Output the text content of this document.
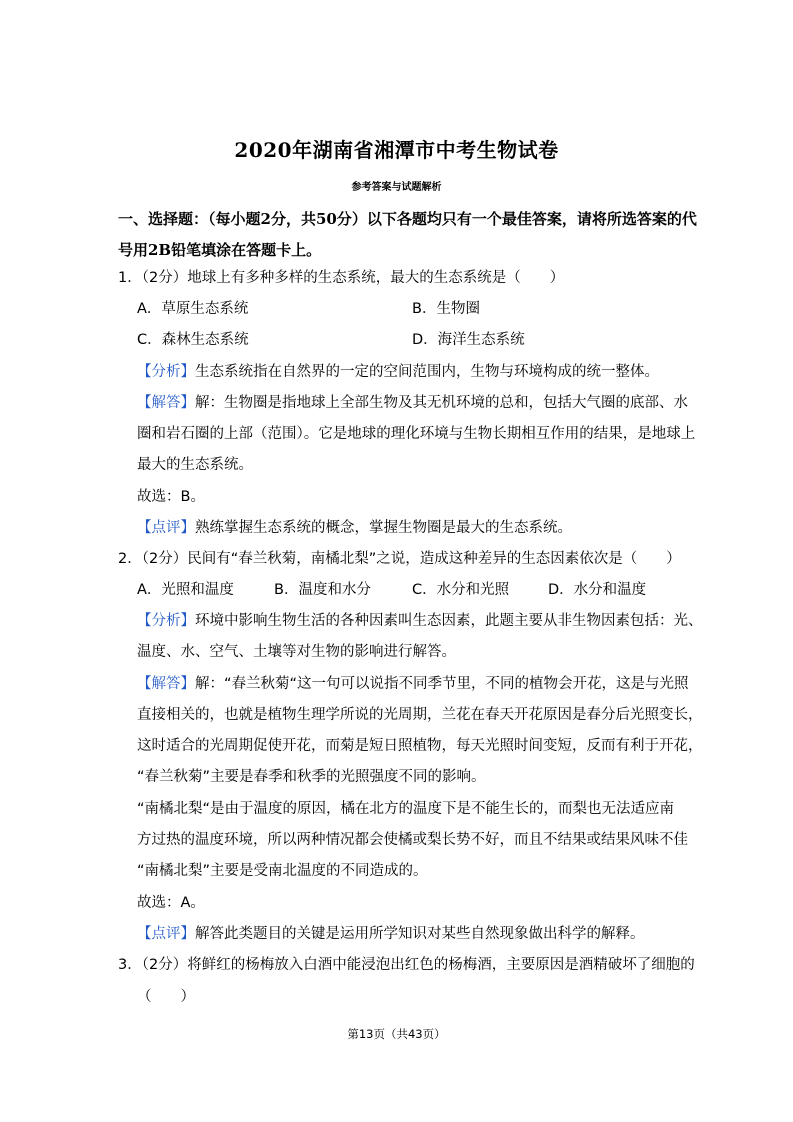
2020年湖南省湘潭市中考生物试卷
参考答案与试题解析
一、选择题：（每小题2分，共50分）以下各题均只有一个最佳答案，请将所选答案的代
号用2B铅笔填涂在答题卡上。
1．（2分）地球上有多种多样的生态系统，最大的生态系统是（　　）
A．草原生态系统	B．生物圈
C．森林生态系统	D．海洋生态系统
【分析】生态系统指在自然界的一定的空间范围内，生物与环境构成的统一整体。
【解答】解：生物圈是指地球上全部生物及其无机环境的总和，包括大气圈的底部、水
圈和岩石圈的上部（范围）。它是地球的理化环境与生物长期相互作用的结果，是地球上
最大的生态系统。
故选：B。
【点评】熟练掌握生态系统的概念，掌握生物圈是最大的生态系统。
2．（2分）民间有“春兰秋菊，南橘北梨”之说，造成这种差异的生态因素依次是（　　）
A．光照和温度	B．温度和水分	C．水分和光照	D．水分和温度
【分析】环境中影响生物生活的各种因素叫生态因素，此题主要从非生物因素包括：光、
温度、水、空气、土壤等对生物的影响进行解答。
【解答】解：“春兰秋菊“这一句可以说指不同季节里，不同的植物会开花，这是与光照
直接相关的，也就是植物生理学所说的光周期，兰花在春天开花原因是春分后光照变长，
这时适合的光周期促使开花，而菊是短日照植物，每天光照时间变短，反而有利于开花，
“春兰秋菊”主要是春季和秋季的光照强度不同的影响。
“南橘北梨“是由于温度的原因，橘在北方的温度下是不能生长的，而梨也无法适应南
方过热的温度环境，所以两种情况都会使橘或梨长势不好，而且不结果或结果风味不佳
“南橘北梨”主要是受南北温度的不同造成的。
故选：A。
【点评】解答此类题目的关键是运用所学知识对某些自然现象做出科学的解释。
3．（2分）将鲜红的杨梅放入白酒中能浸泡出红色的杨梅酒，主要原因是酒精破坏了细胞的
（　　）
第13页（共43页）
